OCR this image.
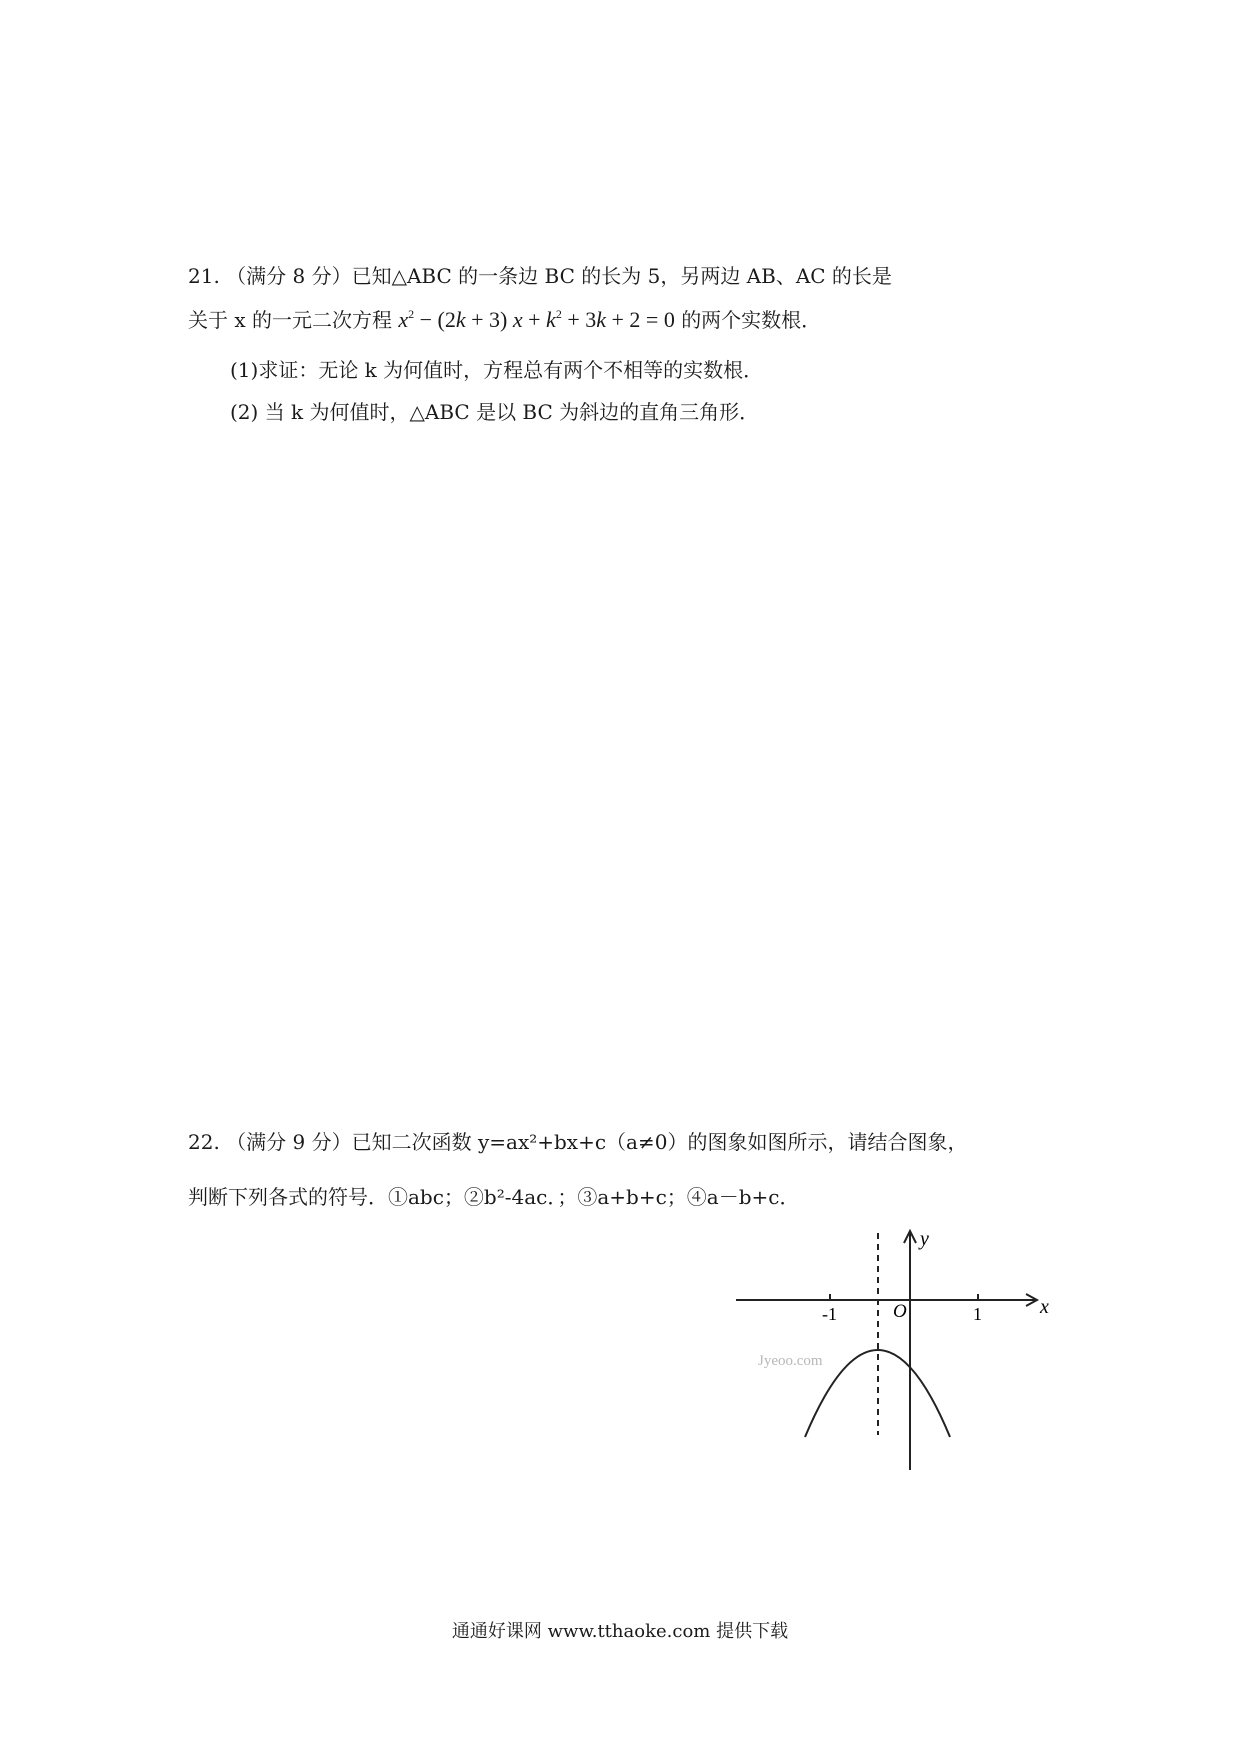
21. （满分 8 分）已知△ABC 的一条边 BC 的长为 5，另两边 AB、AC 的长是
关于 x 的一元二次方程 $x^2 - (2k + 3) x + k^2 + 3k + 2 = 0$ 的两个实数根．
(1)求证：无论 k 为何值时，方程总有两个不相等的实数根．
(2) 当 k 为何值时，△ABC 是以 BC 为斜边的直角三角形．
22. （满分 9 分）已知二次函数 y=ax²+bx+c（a≠0）的图象如图所示，请结合图象，
判断下列各式的符号．①abc；②b²-4ac．；③a+b+c；④a－b+c．
y
x
O
-1	1
Jyeoo.com
通通好课网 www.tthaoke.com 提供下载
